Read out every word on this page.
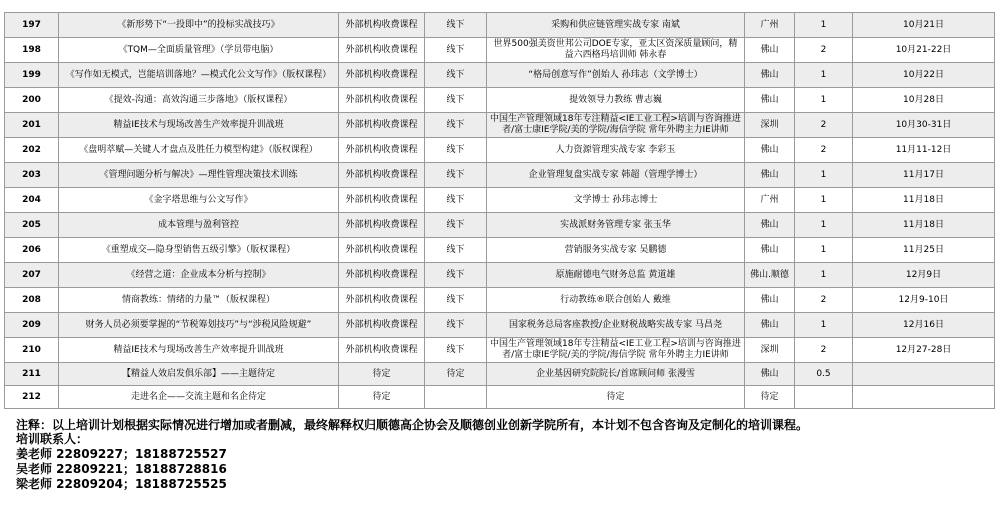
197	《新形势下“一投即中”的投标实战技巧》	外部机构收费课程	线下	采购和供应链管理实战专家 南斌	广州	1	10月21日
198	《TQM—全面质量管理》（学员带电脑）	外部机构收费课程	线下	世界500强美资世邦公司DOE专家，亚太区资深质量顾问，精益六西格玛培训师 韩永春	佛山	2	10月21-22日
199	《写作如无模式，岂能培训落地？—模式化公文写作》（版权课程）	外部机构收费课程	线下	“格局创意写作”创始人 孙玮志（文学博士）	佛山	1	10月22日
200	《提效-沟通：高效沟通三步落地》（版权课程）	外部机构收费课程	线下	提效领导力教练 曹志巍	佛山	1	10月28日
201	精益IE技术与现场改善生产效率提升训战班	外部机构收费课程	线下	中国生产管理领域18年专注精益<IE工业工程>培训与咨询推进者/富士康IE学院/美的学院/海信学院 常年外聘主力IE讲师	深圳	2	10月30-31日
202	《盘明萃赋—关键人才盘点及胜任力模型构建》（版权课程）	外部机构收费课程	线下	人力资源管理实战专家 李彩玉	佛山	2	11月11-12日
203	《管理问题分析与解决》—理性管理决策技术训练	外部机构收费课程	线下	企业管理复盘实战专家 韩超（管理学博士）	佛山	1	11月17日
204	《金字塔思维与公文写作》	外部机构收费课程	线下	文学博士 孙玮志博士	广州	1	11月18日
205	成本管理与盈利管控	外部机构收费课程	线下	实战派财务管理专家 张玉华	佛山	1	11月18日
206	《重塑成交—隐身型销售五级引擎》（版权课程）	外部机构收费课程	线下	营销服务实战专家 吴鹏德	佛山	1	11月25日
207	《经营之道：企业成本分析与控制》	外部机构收费课程	线下	原施耐德电气财务总监 黄道雄	佛山.顺德	1	12月9日
208	情商教练：情绪的力量™（版权课程）	外部机构收费课程	线下	行动教练®联合创始人 戴维	佛山	2	12月9-10日
209	财务人员必须要掌握的“节税筹划技巧”与“涉税风险规避”	外部机构收费课程	线下	国家税务总局客座教授/企业财税战略实战专家 马昌尧	佛山	1	12月16日
210	精益IE技术与现场改善生产效率提升训战班	外部机构收费课程	线下	中国生产管理领域18年专注精益<IE工业工程>培训与咨询推进者/富士康IE学院/美的学院/海信学院 常年外聘主力IE讲师	深圳	2	12月27-28日
211	【精益人效启发俱乐部】——主题待定	待定	待定	企业基因研究院院长/首席顾问师 张漫雪	佛山	0.5	
212	走进名企——交流主题和名企待定	待定		待定	待定		
注释：以上培训计划根据实际情况进行增加或者删减，最终解释权归顺德高企协会及顺德创业创新学院所有，本计划不包含咨询及定制化的培训课程。
培训联系人：
姜老师 22809227；18188725527
吴老师 22809221；18188728816
梁老师 22809204；18188725525
